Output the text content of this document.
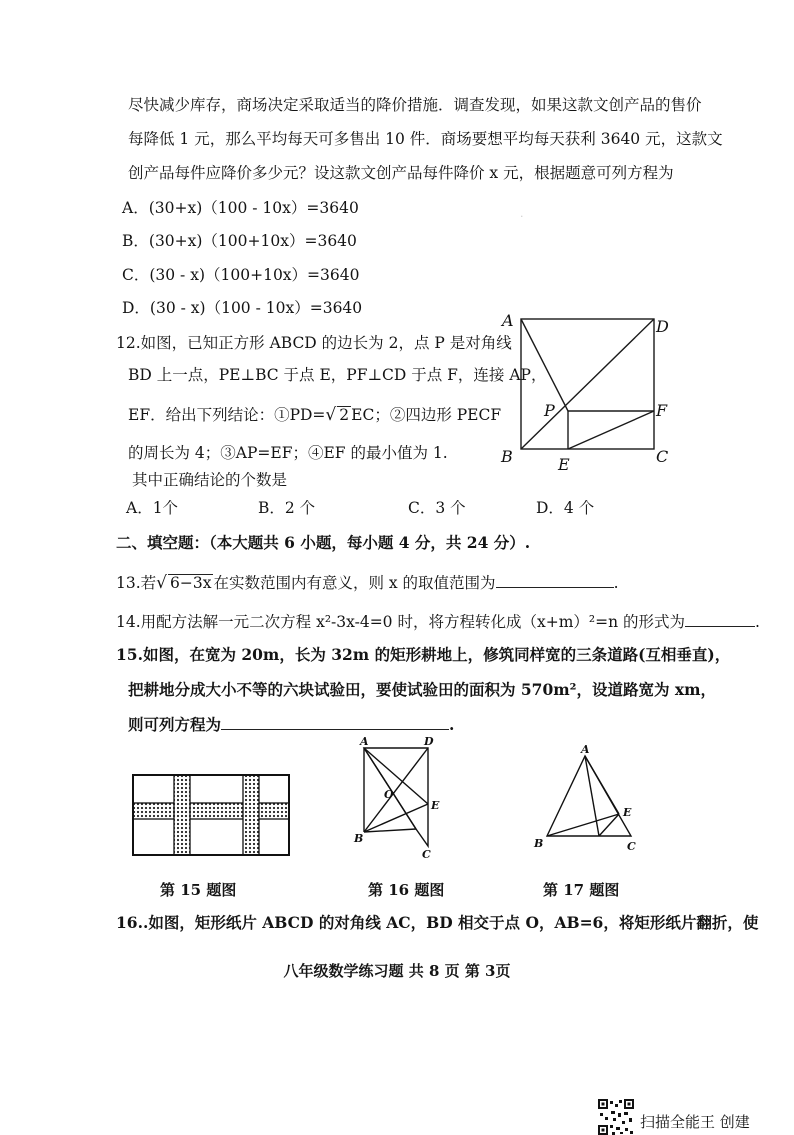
·
尽快减少库存，商场决定采取适当的降价措施．调查发现，如果这款文创产品的售价
每降低 1 元，那么平均每天可多售出 10 件．商场要想平均每天获利 3640 元，这款文
创产品每件应降价多少元？设这款文创产品每件降价 x 元，根据题意可列方程为
A．(30+x)（100 - 10x）=3640
B．(30+x)（100+10x）=3640
C．(30 - x)（100+10x）=3640
D．(30 - x)（100 - 10x）=3640
12.如图，已知正方形 ABCD 的边长为 2，点 P 是对角线
BD 上一点，PE⊥BC 于点 E，PF⊥CD 于点 F，连接 AP，
EF．给出下列结论：①PD=√ 2 EC；②四边形 PECF
的周长为 4；③AP=EF；④EF 的最小值为 1.
其中正确结论的个数是
A．1个	B．2 个	C．3 个	D．4 个
A	D
P	F
B	E	C
二、填空题：（本大题共 6 小题，每小题 4 分，共 24 分）.
13.若√ 6−3x 在实数范围内有意义，则 x 的取值范围为	.
14.用配方法解一元二次方程 x²-3x-4=0 时，将方程转化成（x+m）²=n 的形式为	.
15.如图，在宽为 20m，长为 32m 的矩形耕地上，修筑同样宽的三条道路(互相垂直)，
把耕地分成大小不等的六块试验田，要使试验田的面积为 570m²，设道路宽为 xm，
则可列方程为	.
第 15 题图
A	D
O
E
B
C
第 16 题图
A
E
B	C
第 17 题图
16..如图，矩形纸片 ABCD 的对角线 AC，BD 相交于点 O，AB=6，将矩形纸片翻折，使
八年级数学练习题 共 8 页 第 3页
扫描全能王 创建
